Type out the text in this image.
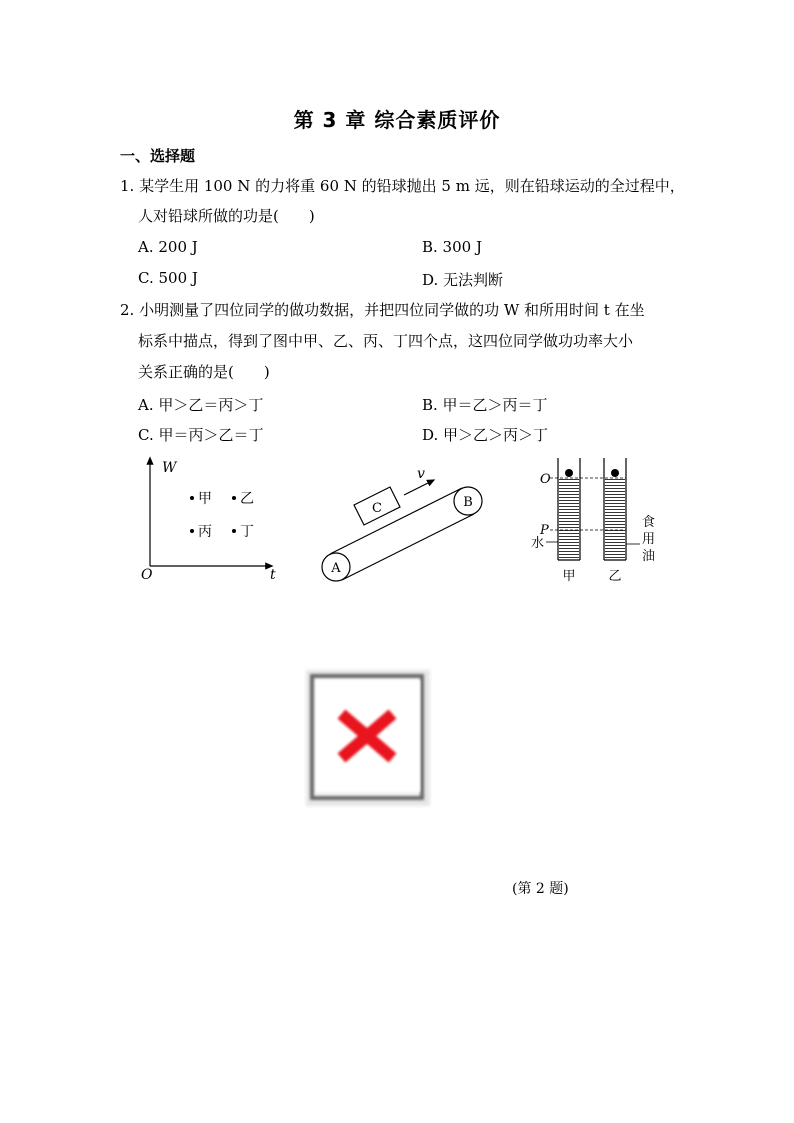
第 3 章 综合素质评价
一、选择题
1. 某学生用 100 N 的力将重 60 N 的铅球抛出 5 m 远，则在铅球运动的全过程中，
人对铅球所做的功是(　　)
A. 200 J	B. 300 J
C. 500 J	D. 无法判断
2. 小明测量了四位同学的做功数据，并把四位同学做的功 W 和所用时间 t 在坐
标系中描点，得到了图中甲、乙、丙、丁四个点，这四位同学做功功率大小
关系正确的是(　　)
A. 甲＞乙＝丙＞丁	B. 甲＝乙＞丙＝丁
C. 甲＝丙＞乙＝丁	D. 甲＞乙＞丙＞丁
W
t
O
甲 乙
丙 丁
A
B
C
v	O
P
水
食
用
油
甲	乙
(第 2 题)
